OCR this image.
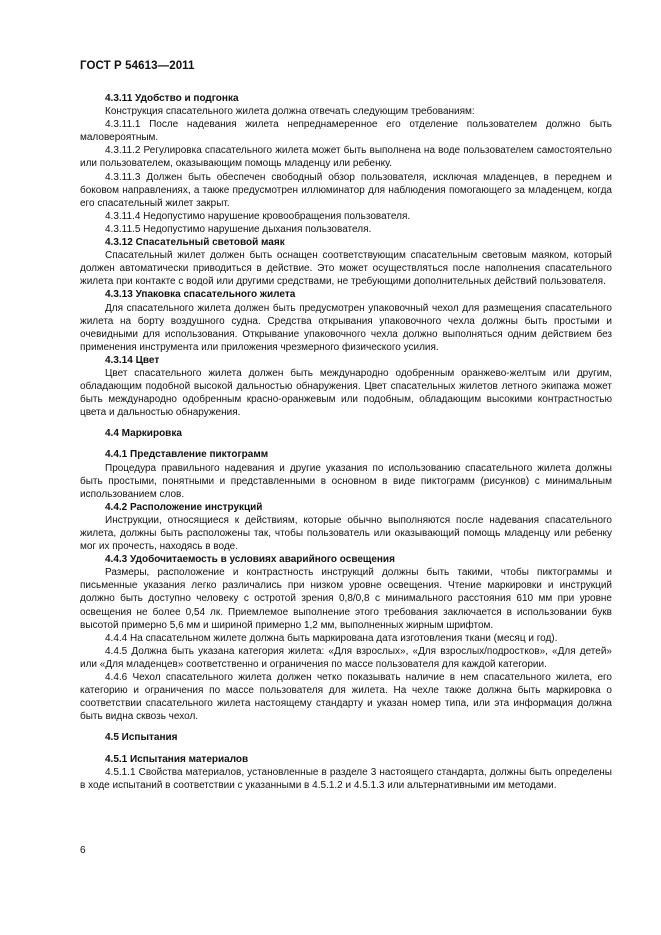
ГОСТ Р 54613—2011

4.3.11 Удобство и подгонка

Конструкция спасательного жилета должна отвечать следующим требованиям:

4.3.11.1 После надевания жилета непреднамеренное его отделение пользователем должно быть маловероятным.

4.3.11.2 Регулировка спасательного жилета может быть выполнена на воде пользователем самостоятельно или пользователем, оказывающим помощь младенцу или ребенку.

4.3.11.3 Должен быть обеспечен свободный обзор пользователя, исключая младенцев, в переднем и боковом направлениях, а также предусмотрен иллюминатор для наблюдения помогающего за младенцем, когда его спасательный жилет закрыт.

4.3.11.4 Недопустимо нарушение кровообращения пользователя.

4.3.11.5 Недопустимо нарушение дыхания пользователя.

4.3.12 Спасательный световой маяк

Спасательный жилет должен быть оснащен соответствующим спасательным световым маяком, который должен автоматически приводиться в действие. Это может осуществляться после наполнения спасательного жилета при контакте с водой или другими средствами, не требующими дополнительных действий пользователя.

4.3.13 Упаковка спасательного жилета

Для спасательного жилета должен быть предусмотрен упаковочный чехол для размещения спасательного жилета на борту воздушного судна. Средства открывания упаковочного чехла должны быть простыми и очевидными для использования. Открывание упаковочного чехла должно выполняться одним действием без применения инструмента или приложения чрезмерного физического усилия.

4.3.14 Цвет

Цвет спасательного жилета должен быть международно одобренным оранжево-желтым или другим, обладающим подобной высокой дальностью обнаружения. Цвет спасательных жилетов летного экипажа может быть международно одобренным красно-оранжевым или подобным, обладающим высокими контрастностью цвета и дальностью обнаружения.

4.4 Маркировка

4.4.1 Представление пиктограмм

Процедура правильного надевания и другие указания по использованию спасательного жилета должны быть простыми, понятными и представленными в основном в виде пиктограмм (рисунков) с минимальным использованием слов.

4.4.2 Расположение инструкций

Инструкции, относящиеся к действиям, которые обычно выполняются после надевания спасательного жилета, должны быть расположены так, чтобы пользователь или оказывающий помощь младенцу или ребенку мог их прочесть, находясь в воде.

4.4.3 Удобочитаемость в условиях аварийного освещения

Размеры, расположение и контрастность инструкций должны быть такими, чтобы пиктограммы и письменные указания легко различались при низком уровне освещения. Чтение маркировки и инструкций должно быть доступно человеку с остротой зрения 0,8/0,8 с минимального расстояния 610 мм при уровне освещения не более 0,54 лк. Приемлемое выполнение этого требования заключается в использовании букв высотой примерно 5,6 мм и шириной примерно 1,2 мм, выполненных жирным шрифтом.

4.4.4 На спасательном жилете должна быть маркирована дата изготовления ткани (месяц и год).

4.4.5 Должна быть указана категория жилета: «Для взрослых», «Для взрослых/подростков», «Для детей» или «Для младенцев» соответственно и ограничения по массе пользователя для каждой категории.

4.4.6 Чехол спасательного жилета должен четко показывать наличие в нем спасательного жилета, его категорию и ограничения по массе пользователя для жилета. На чехле также должна быть маркировка о соответствии спасательного жилета настоящему стандарту и указан номер типа, или эта информация должна быть видна сквозь чехол.

4.5 Испытания

4.5.1 Испытания материалов

4.5.1.1 Свойства материалов, установленные в разделе 3 настоящего стандарта, должны быть определены в ходе испытаний в соответствии с указанными в 4.5.1.2 и 4.5.1.3 или альтернативными им методами.

6
